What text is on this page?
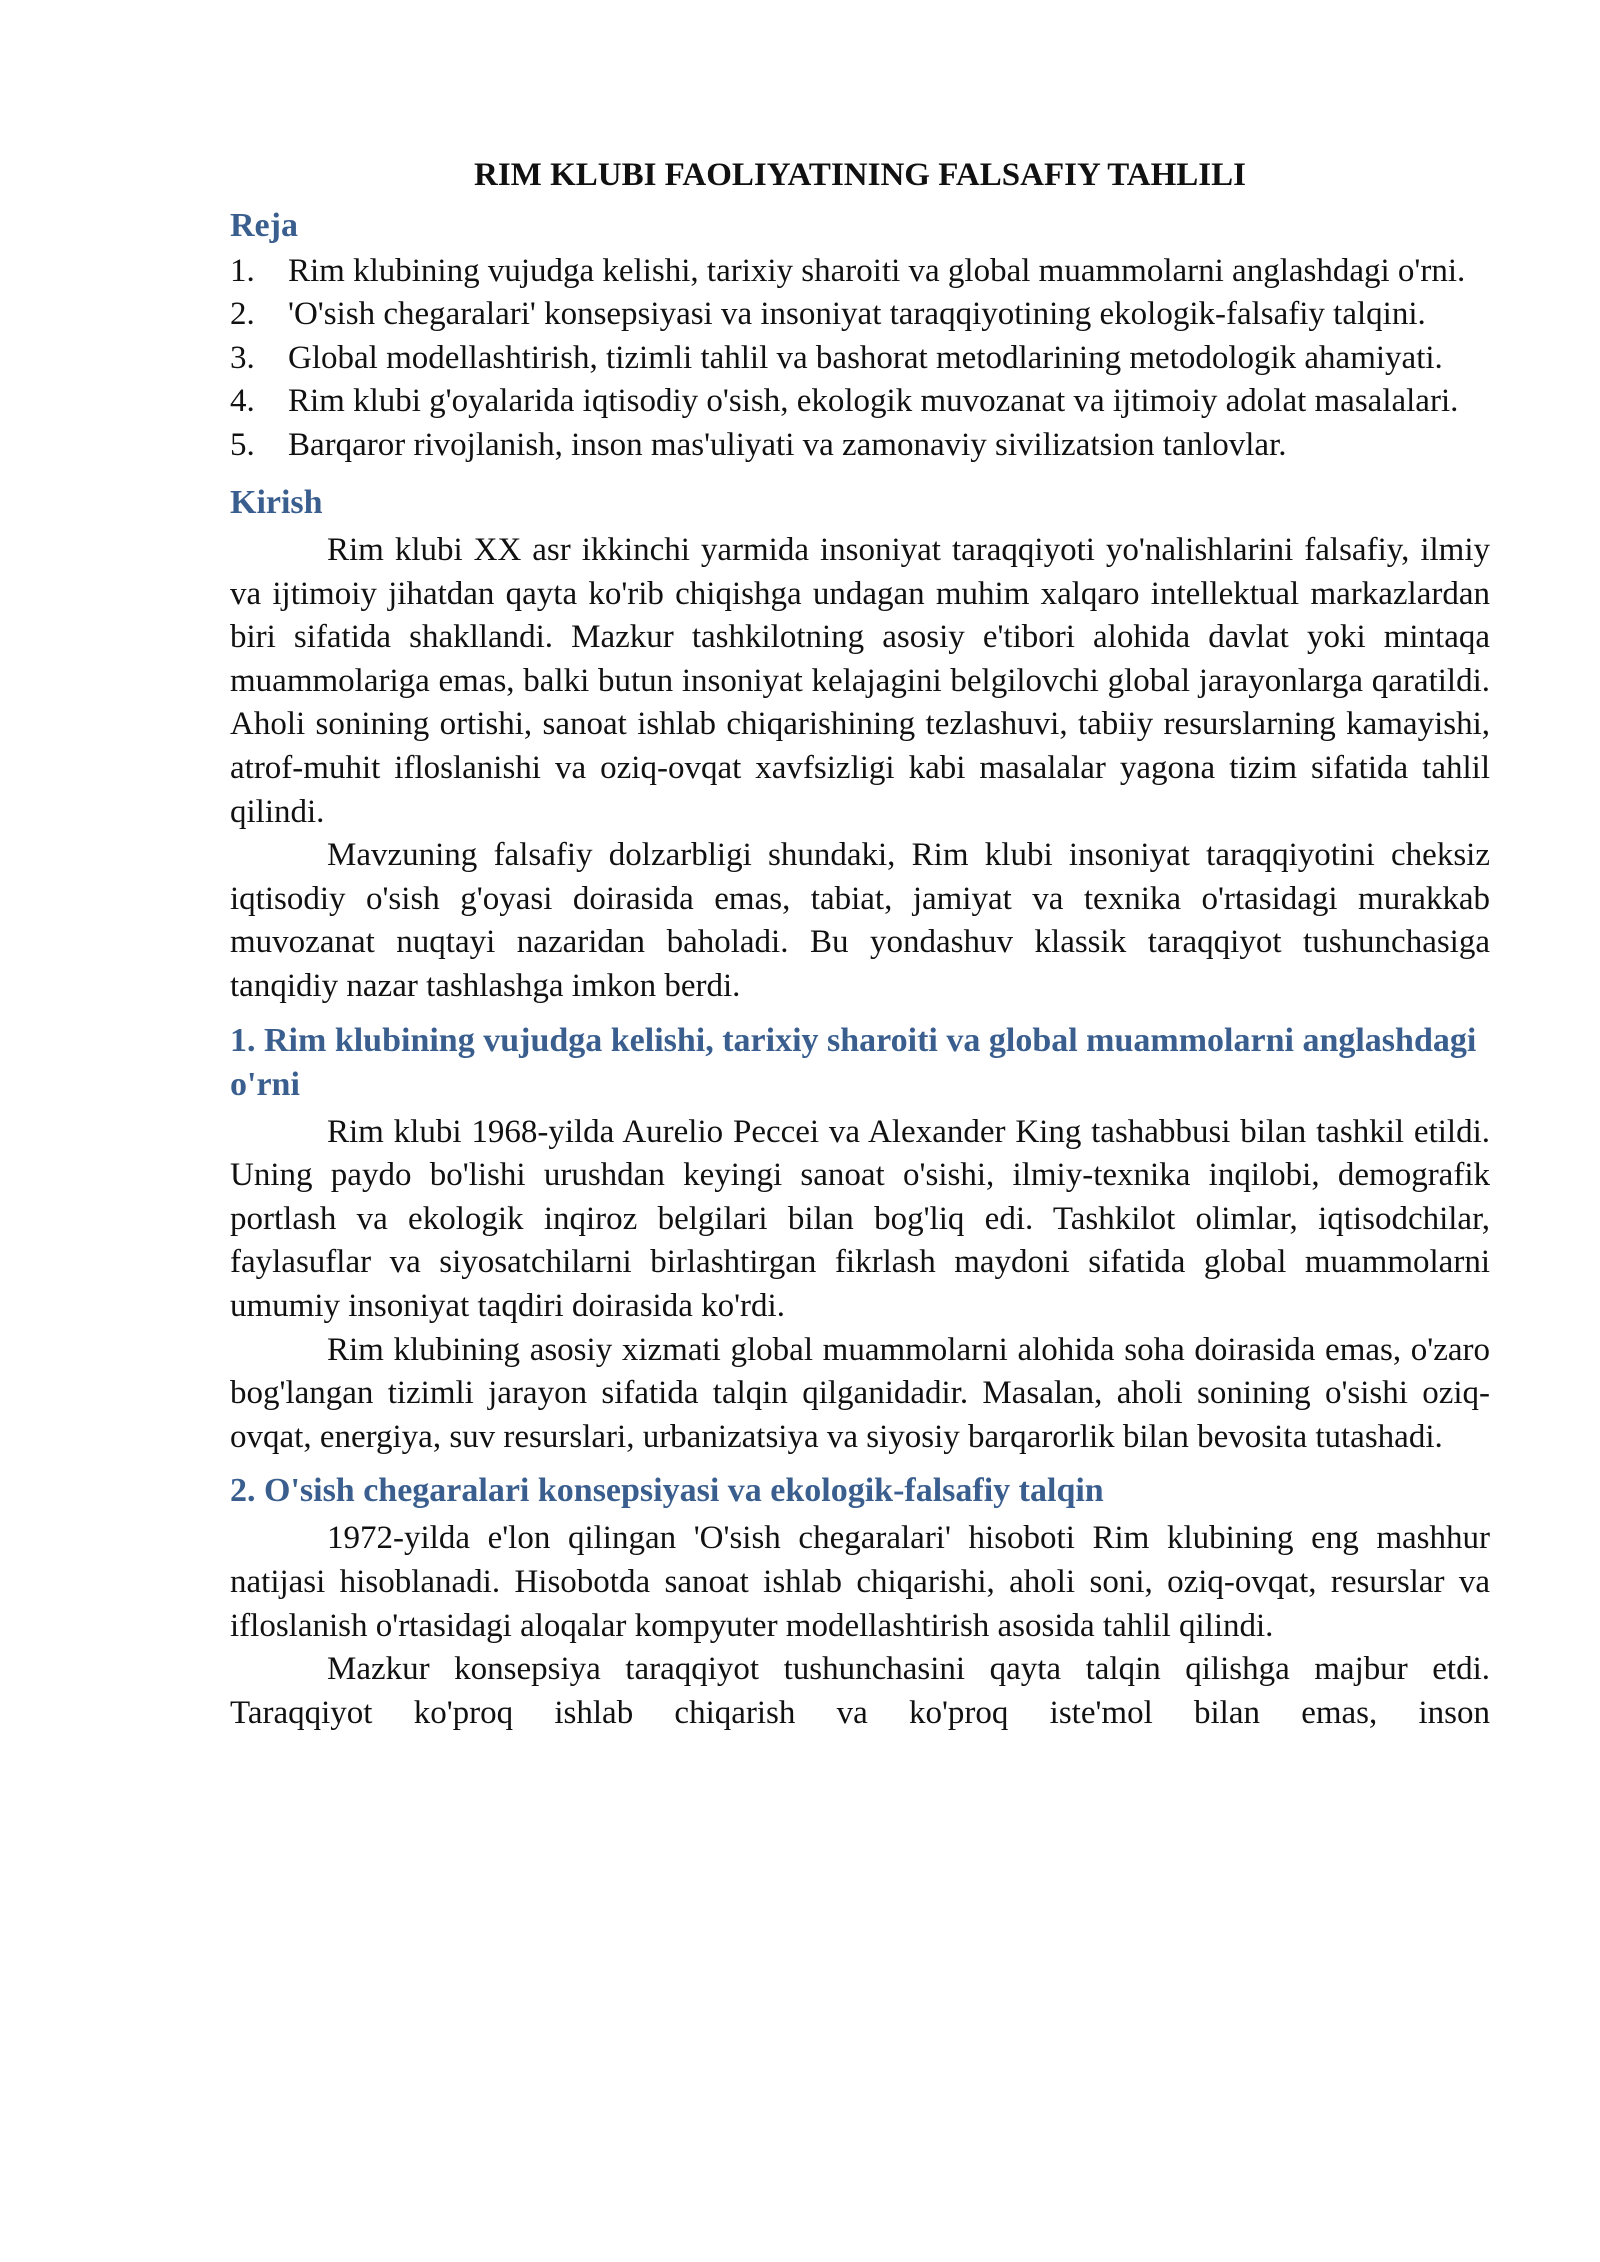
RIM KLUBI FAOLIYATINING FALSAFIY TAHLILI
Reja
1. Rim klubining vujudga kelishi, tarixiy sharoiti va global muammolarni anglashdagi o'rni.
2. 'O'sish chegaralari' konsepsiyasi va insoniyat taraqqiyotining ekologik-falsafiy talqini.
3. Global modellashtirish, tizimli tahlil va bashorat metodlarining metodologik ahamiyati.
4. Rim klubi g'oyalarida iqtisodiy o'sish, ekologik muvozanat va ijtimoiy adolat masalalari.
5. Barqaror rivojlanish, inson mas'uliyati va zamonaviy sivilizatsion tanlovlar.
Kirish

Rim klubi XX asr ikkinchi yarmida insoniyat taraqqiyoti yo'nalishlarini falsafiy, ilmiy va ijtimoiy jihatdan qayta ko'rib chiqishga undagan muhim xalqaro intellektual markazlardan biri sifatida shakllandi. Mazkur tashkilotning asosiy e'tibori alohida davlat yoki mintaqa muammolariga emas, balki butun insoniyat kelajagini belgilovchi global jarayonlarga qaratildi. Aholi sonining ortishi, sanoat ishlab chiqarishining tezlashuvi, tabiiy resurslarning kamayishi, atrof-muhit ifloslanishi va oziq-ovqat xavfsizligi kabi masalalar yagona tizim sifatida tahlil qilindi.

Mavzuning falsafiy dolzarbligi shundaki, Rim klubi insoniyat taraqqiyotini cheksiz iqtisodiy o'sish g'oyasi doirasida emas, tabiat, jamiyat va texnika o'rtasidagi murakkab muvozanat nuqtayi nazaridan baholadi. Bu yondashuv klassik taraqqiyot tushunchasiga tanqidiy nazar tashlashga imkon berdi.

1. Rim klubining vujudga kelishi, tarixiy sharoiti va global muammolarni anglashdagi o'rni

Rim klubi 1968-yilda Aurelio Peccei va Alexander King tashabbusi bilan tashkil etildi. Uning paydo bo'lishi urushdan keyingi sanoat o'sishi, ilmiy-texnika inqilobi, demografik portlash va ekologik inqiroz belgilari bilan bog'liq edi. Tashkilot olimlar, iqtisodchilar, faylasuflar va siyosatchilarni birlashtirgan fikrlash maydoni sifatida global muammolarni umumiy insoniyat taqdiri doirasida ko'rdi.

Rim klubining asosiy xizmati global muammolarni alohida soha doirasida emas, o'zaro bog'langan tizimli jarayon sifatida talqin qilganidadir. Masalan, aholi sonining o'sishi oziq-ovqat, energiya, suv resurslari, urbanizatsiya va siyosiy barqarorlik bilan bevosita tutashadi.

2. O'sish chegaralari konsepsiyasi va ekologik-falsafiy talqin

1972-yilda e'lon qilingan 'O'sish chegaralari' hisoboti Rim klubining eng mashhur natijasi hisoblanadi. Hisobotda sanoat ishlab chiqarishi, aholi soni, oziq-ovqat, resurslar va ifloslanish o'rtasidagi aloqalar kompyuter modellashtirish asosida tahlil qilindi.

Mazkur konsepsiya taraqqiyot tushunchasini qayta talqin qilishga majbur etdi. Taraqqiyot ko'proq ishlab chiqarish va ko'proq iste'mol bilan emas, inson
